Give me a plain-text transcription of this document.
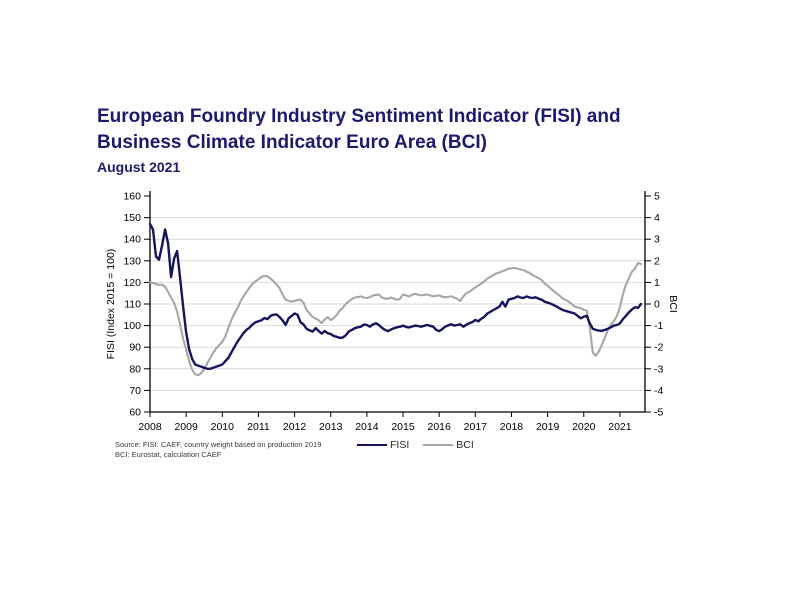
European Foundry Industry Sentiment Indicator (FISI) and
Business Climate Indicator Euro Area (BCI)
August 2021
FISI (Index 2015 = 100)	BCI
60
70
80
90
100
110
120
130
140
150
160
-5
-4
-3
-2
-1
0
1
2
3
4
5
2008 2009 2010 2011 2012 2013 2014 2015 2016 2017 2018 2019 2020 2021
Source: FISI: CAEF, country weight based on production 2019
BCI: Eurostat, calculation CAEF
FISI	BCI
